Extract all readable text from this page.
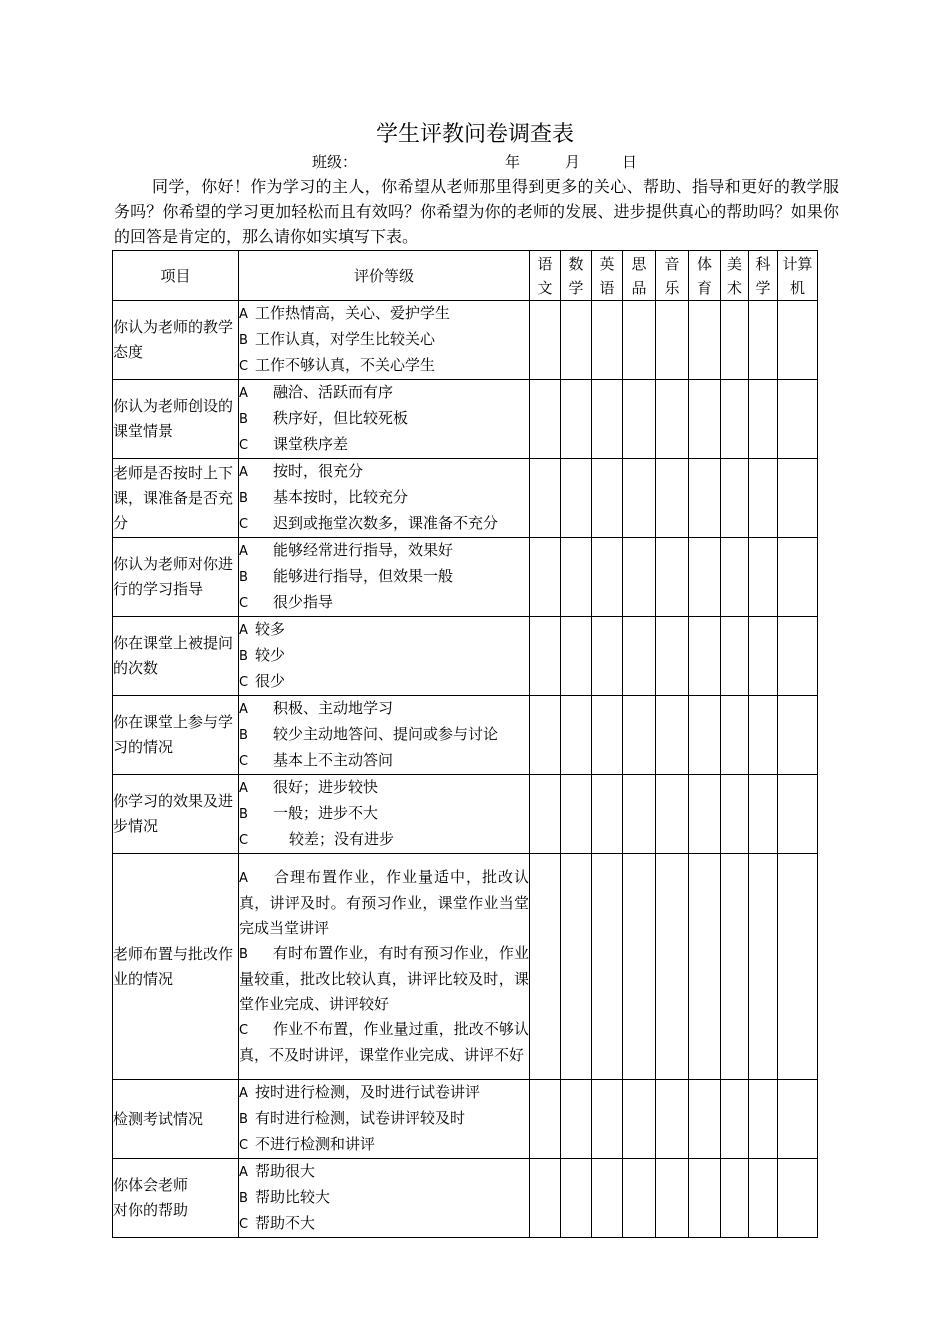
学生评教问卷调查表
班级：	年	月	日
同学，你好！作为学习的主人，你希望从老师那里得到更多的关心、帮助、指导和更好的教学服务吗？你希望的学习更加轻松而且有效吗？你希望为你的老师的发展、进步提供真心的帮助吗？如果你的回答是肯定的，那么请你如实填写下表。
项目	评价等级	语文	数学	英语	思品	音乐	体育	美术	科学	计算机

你认为老师的教学态度	A 工作热情高，关心、爱护学生
B 工作认真，对学生比较关心
C 工作不够认真，不关心学生									

你认为老师创设的课堂情景	A 融洽、活跃而有序
B 秩序好，但比较死板
C 课堂秩序差									

老师是否按时上下课，课准备是否充分	A 按时，很充分
B 基本按时，比较充分
C 迟到或拖堂次数多，课准备不充分									

你认为老师对你进行的学习指导	A 能够经常进行指导，效果好
B 能够进行指导，但效果一般
C 很少指导									

你在课堂上被提问的次数	A 较多
B 较少
C 很少									

你在课堂上参与学习的情况	A 积极、主动地学习
B 较少主动地答问、提问或参与讨论
C 基本上不主动答问									

你学习的效果及进步情况	A 很好；进步较快
B 一般；进步不大
C 较差；没有进步									

老师布置与批改作业的情况	A 合理布置作业，作业量适中，批改认真，讲评及时。有预习作业，课堂作业当堂完成当堂讲评
B 有时布置作业，有时有预习作业，作业量较重，批改比较认真，讲评比较及时，课堂作业完成、讲评较好
C 作业不布置，作业量过重，批改不够认真，不及时讲评，课堂作业完成、讲评不好									

检测考试情况	A 按时进行检测，及时进行试卷讲评
B 有时进行检测，试卷讲评较及时
C 不进行检测和讲评									

你体会老师
对你的帮助	A 帮助很大
B 帮助比较大
C 帮助不大									
